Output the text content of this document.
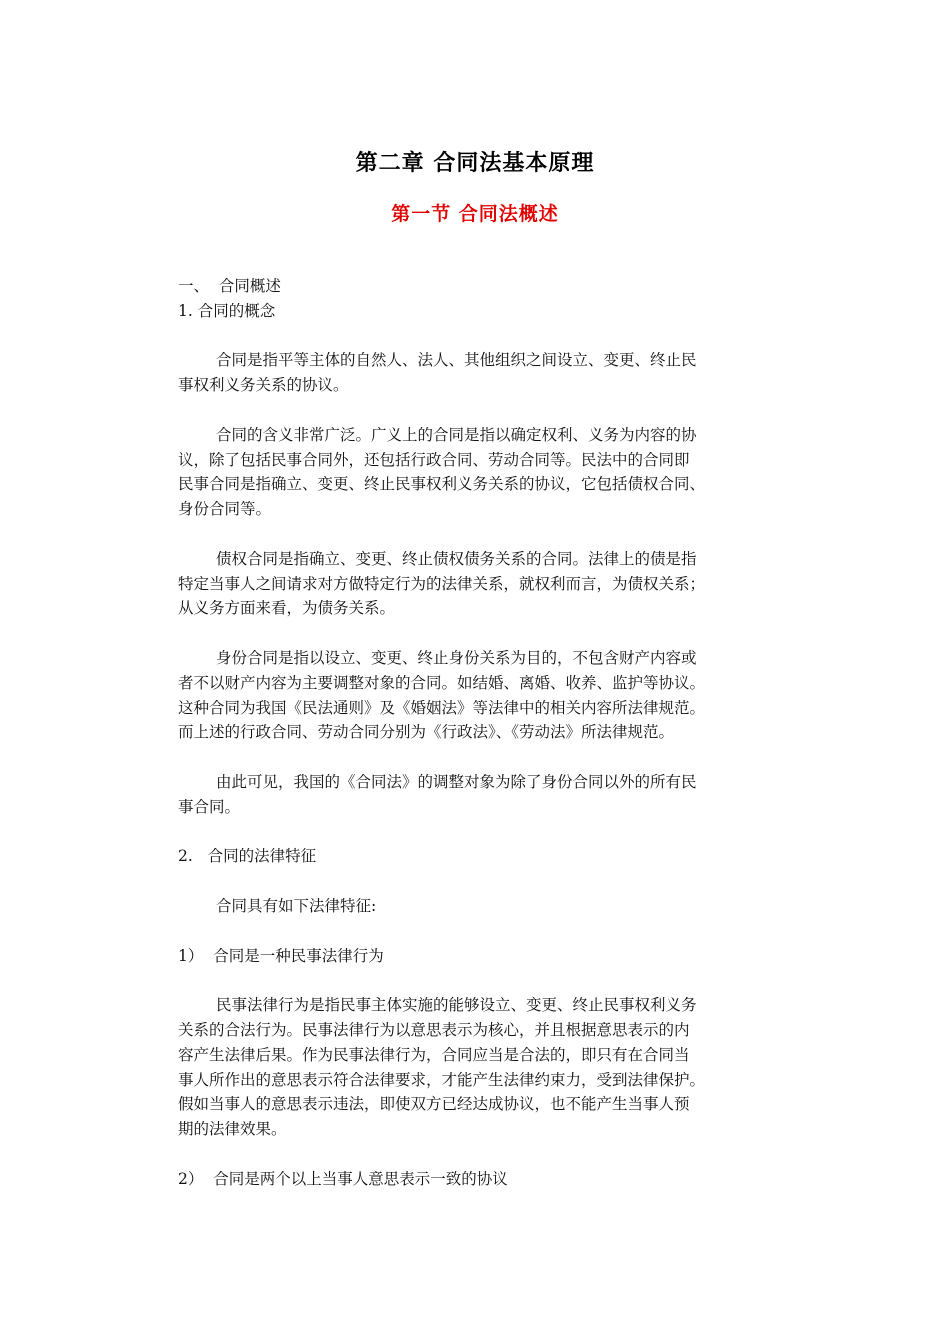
第二章 合同法基本原理
第一节 合同法概述
一、  合同概述
1. 合同的概念
合同是指平等主体的自然人、法人、其他组织之间设立、变更、终止民
事权利义务关系的协议。
合同的含义非常广泛。广义上的合同是指以确定权利、义务为内容的协
议，除了包括民事合同外，还包括行政合同、劳动合同等。民法中的合同即
民事合同是指确立、变更、终止民事权利义务关系的协议，它包括债权合同、
身份合同等。
债权合同是指确立、变更、终止债权债务关系的合同。法律上的债是指
特定当事人之间请求对方做特定行为的法律关系，就权利而言，为债权关系；
从义务方面来看，为债务关系。
身份合同是指以设立、变更、终止身份关系为目的，不包含财产内容或
者不以财产内容为主要调整对象的合同。如结婚、离婚、收养、监护等协议。
这种合同为我国《民法通则》及《婚姻法》等法律中的相关内容所法律规范。
而上述的行政合同、劳动合同分别为《行政法》、《劳动法》所法律规范。
由此可见，我国的《合同法》的调整对象为除了身份合同以外的所有民
事合同。
2.   合同的法律特征
合同具有如下法律特征:
1）  合同是一种民事法律行为
民事法律行为是指民事主体实施的能够设立、变更、终止民事权利义务
关系的合法行为。民事法律行为以意思表示为核心，并且根据意思表示的内
容产生法律后果。作为民事法律行为，合同应当是合法的，即只有在合同当
事人所作出的意思表示符合法律要求，才能产生法律约束力，受到法律保护。
假如当事人的意思表示违法，即使双方已经达成协议，也不能产生当事人预
期的法律效果。
2）  合同是两个以上当事人意思表示一致的协议
